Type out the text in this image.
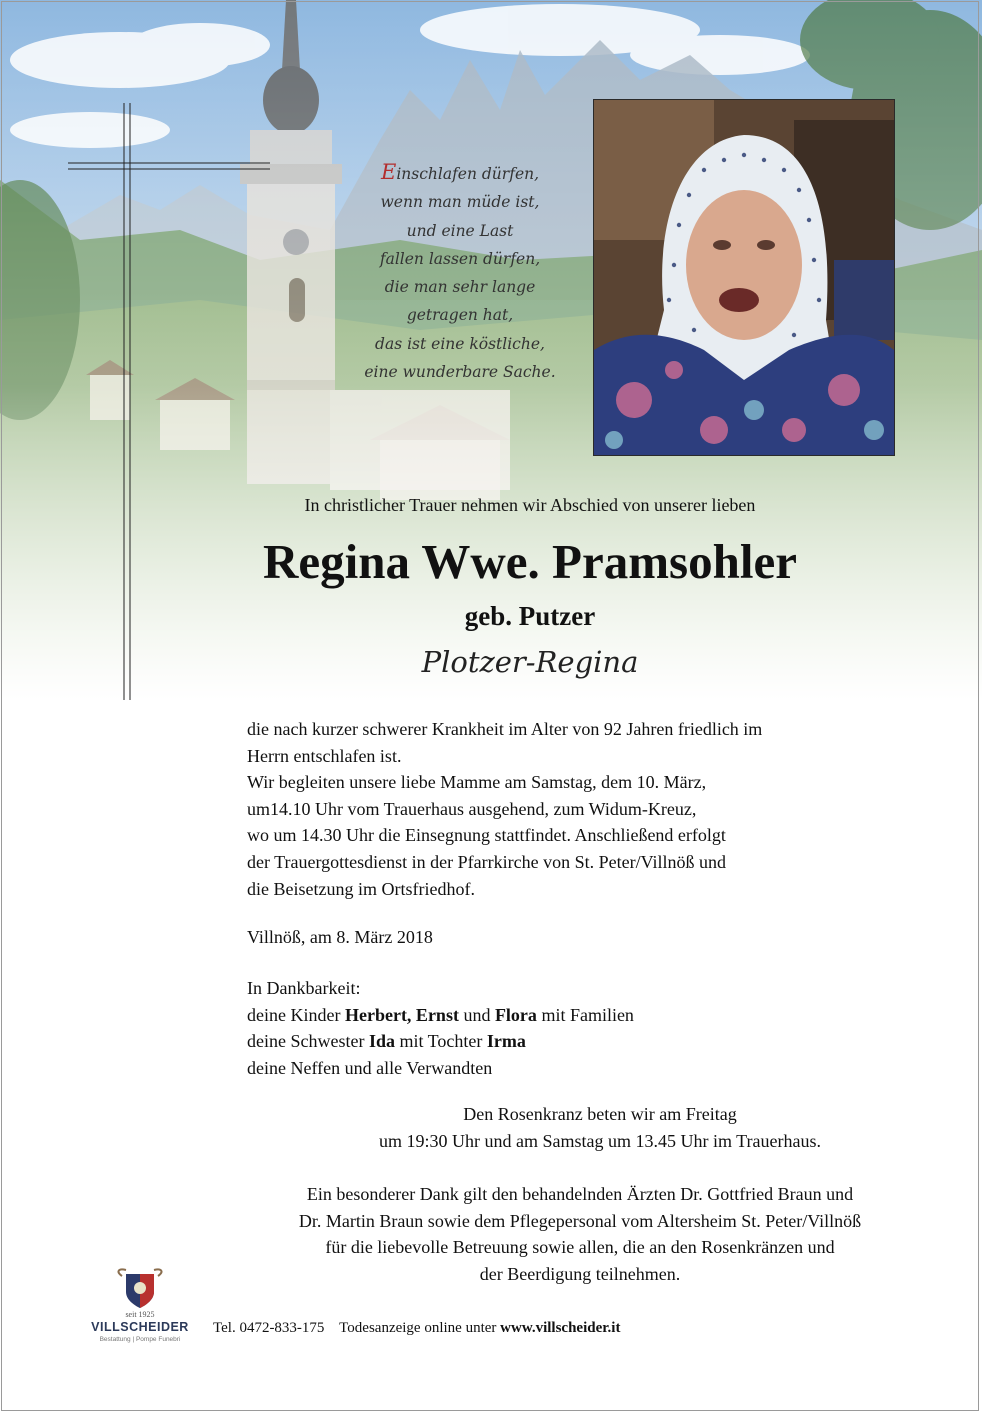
Einschlafen dürfen,
wenn man müde ist,
und eine Last
fallen lassen dürfen,
die man sehr lange
getragen hat,
das ist eine köstliche,
eine wunderbare Sache.
In christlicher Trauer nehmen wir Abschied von unserer lieben
Regina Wwe. Pramsohler
geb. Putzer
Plotzer-Regina
die nach kurzer schwerer Krankheit im Alter von 92 Jahren friedlich im
Herrn entschlafen ist.
Wir begleiten unsere liebe Mamme am Samstag, dem 10. März,
um14.10 Uhr vom Trauerhaus ausgehend, zum Widum-Kreuz,
wo um 14.30 Uhr die Einsegnung stattfindet. Anschließend erfolgt
der Trauergottesdienst in der Pfarrkirche von St. Peter/Villnöß und
die Beisetzung im Ortsfriedhof.
Villnöß, am 8. März 2018
In Dankbarkeit:
deine Kinder Herbert, Ernst und Flora mit Familien
deine Schwester Ida mit Tochter Irma
deine Neffen und alle Verwandten
Den Rosenkranz beten wir am Freitag
um 19:30 Uhr und am Samstag um 13.45 Uhr im Trauerhaus.
Ein besonderer Dank gilt den behandelnden Ärzten Dr. Gottfried Braun und
Dr. Martin Braun sowie dem Pflegepersonal vom Altersheim St. Peter/Villnöß
für die liebevolle Betreuung sowie allen, die an den Rosenkränzen und
der Beerdigung teilnehmen.
seit 1925
VILLSCHEIDER
Bestattung | Pompe Funebri
Tel. 0472-833-175 Todesanzeige online unter www.villscheider.it
